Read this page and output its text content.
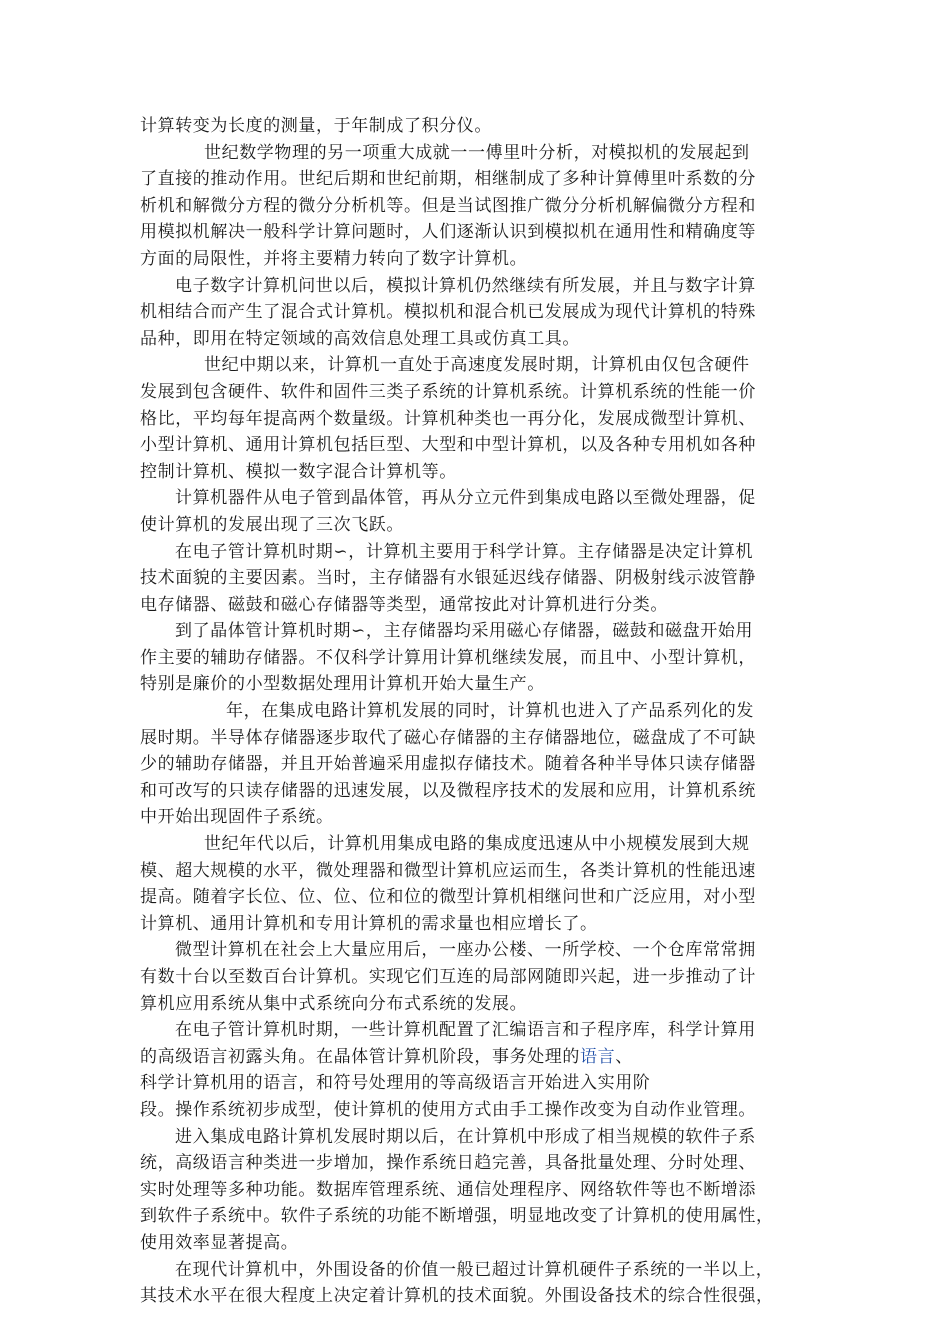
计算转变为长度的测量，于年制成了积分仪。
世纪数学物理的另一项重大成就一一傅里叶分析，对模拟机的发展起到
了直接的推动作用。世纪后期和世纪前期，相继制成了多种计算傅里叶系数的分
析机和解微分方程的微分分析机等。但是当试图推广微分分析机解偏微分方程和
用模拟机解决一般科学计算问题时，人们逐渐认识到模拟机在通用性和精确度等
方面的局限性，并将主要精力转向了数字计算机。
电子数字计算机问世以后，模拟计算机仍然继续有所发展，并且与数字计算
机相结合而产生了混合式计算机。模拟机和混合机已发展成为现代计算机的特殊
品种，即用在特定领域的高效信息处理工具或仿真工具。
世纪中期以来，计算机一直处于高速度发展时期，计算机由仅包含硬件
发展到包含硬件、软件和固件三类子系统的计算机系统。计算机系统的性能一价
格比，平均每年提高两个数量级。计算机种类也一再分化，发展成微型计算机、
小型计算机、通用计算机包括巨型、大型和中型计算机，以及各种专用机如各种
控制计算机、模拟一数字混合计算机等。
计算机器件从电子管到晶体管，再从分立元件到集成电路以至微处理器，促
使计算机的发展出现了三次飞跃。
在电子管计算机时期∽，计算机主要用于科学计算。主存储器是决定计算机
技术面貌的主要因素。当时，主存储器有水银延迟线存储器、阴极射线示波管静
电存储器、磁鼓和磁心存储器等类型，通常按此对计算机进行分类。
到了晶体管计算机时期∽，主存储器均采用磁心存储器，磁鼓和磁盘开始用
作主要的辅助存储器。不仅科学计算用计算机继续发展，而且中、小型计算机，
特别是廉价的小型数据处理用计算机开始大量生产。
年，在集成电路计算机发展的同时，计算机也进入了产品系列化的发
展时期。半导体存储器逐步取代了磁心存储器的主存储器地位，磁盘成了不可缺
少的辅助存储器，并且开始普遍采用虚拟存储技术。随着各种半导体只读存储器
和可改写的只读存储器的迅速发展，以及微程序技术的发展和应用，计算机系统
中开始出现固件子系统。
世纪年代以后，计算机用集成电路的集成度迅速从中小规模发展到大规
模、超大规模的水平，微处理器和微型计算机应运而生，各类计算机的性能迅速
提高。随着字长位、位、位、位和位的微型计算机相继问世和广泛应用，对小型
计算机、通用计算机和专用计算机的需求量也相应增长了。
微型计算机在社会上大量应用后，一座办公楼、一所学校、一个仓库常常拥
有数十台以至数百台计算机。实现它们互连的局部网随即兴起，进一步推动了计
算机应用系统从集中式系统向分布式系统的发展。
在电子管计算机时期，一些计算机配置了汇编语言和子程序库，科学计算用
的高级语言初露头角。在晶体管计算机阶段，事务处理的语言、
科学计算机用的语言，和符号处理用的等高级语言开始进入实用阶
段。操作系统初步成型，使计算机的使用方式由手工操作改变为自动作业管理。
进入集成电路计算机发展时期以后，在计算机中形成了相当规模的软件子系
统，高级语言种类进一步增加，操作系统日趋完善，具备批量处理、分时处理、
实时处理等多种功能。数据库管理系统、通信处理程序、网络软件等也不断增添
到软件子系统中。软件子系统的功能不断增强，明显地改变了计算机的使用属性，
使用效率显著提高。
在现代计算机中，外围设备的价值一般已超过计算机硬件子系统的一半以上，
其技术水平在很大程度上决定着计算机的技术面貌。外围设备技术的综合性很强，
